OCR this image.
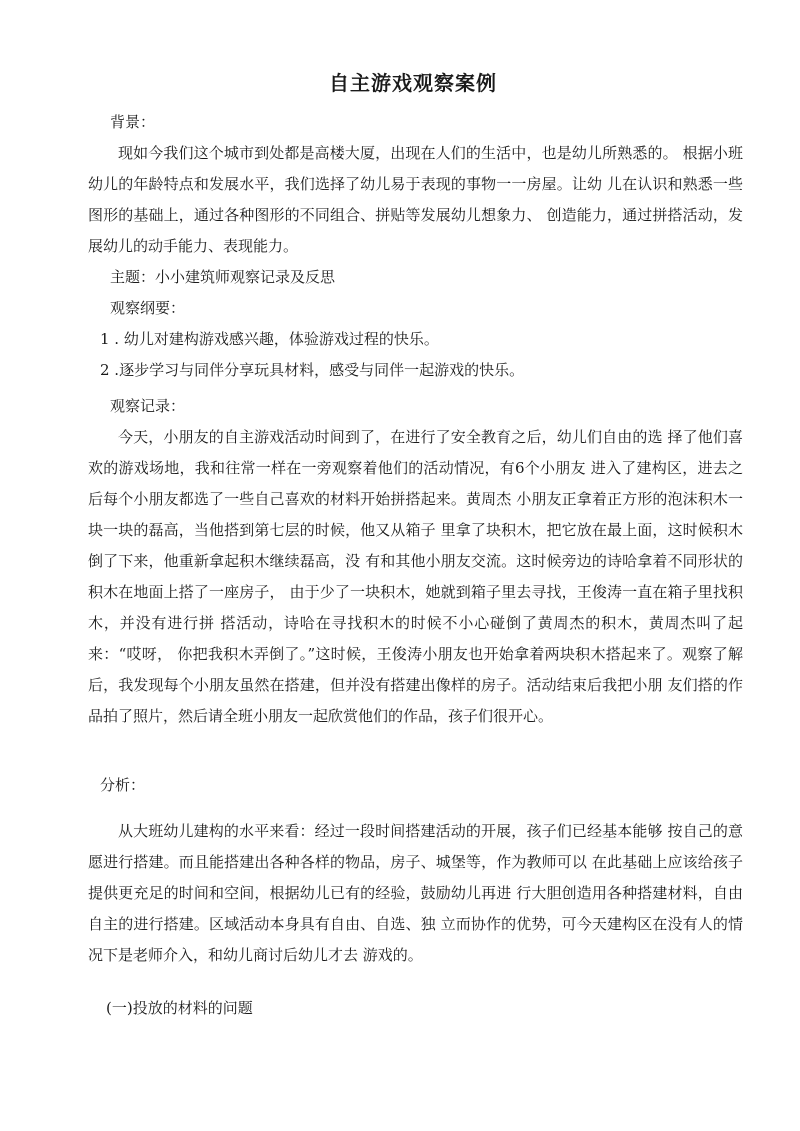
自主游戏观察案例
背景：

现如今我们这个城市到处都是高楼大厦，出现在人们的生活中，也是幼儿所熟悉的。 根据小班幼儿的年龄特点和发展水平，我们选择了幼儿易于表现的事物一一房屋。让幼 儿在认识和熟悉一些图形的基础上，通过各种图形的不同组合、拼贴等发展幼儿想象力、 创造能力，通过拼搭活动，发展幼儿的动手能力、表现能力。

主题：小小建筑师观察记录及反思
观察纲要：
1 . 幼儿对建构游戏感兴趣，体验游戏过程的快乐。
2 .逐步学习与同伴分享玩具材料，感受与同伴一起游戏的快乐。
观察记录：

今天，小朋友的自主游戏活动时间到了，在进行了安全教育之后，幼儿们自由的选 择了他们喜欢的游戏场地，我和往常一样在一旁观察着他们的活动情况，有6个小朋友 进入了建构区，进去之后每个小朋友都选了一些自己喜欢的材料开始拼搭起来。黄周杰 小朋友正拿着正方形的泡沫积木一块一块的磊高，当他搭到第七层的时候，他又从箱子 里拿了块积木，把它放在最上面，这时候积木倒了下来，他重新拿起积木继续磊高，没 有和其他小朋友交流。这时候旁边的诗哈拿着不同形状的积木在地面上搭了一座房子， 由于少了一块积木，她就到箱子里去寻找，王俊涛一直在箱子里找积木，并没有进行拼 搭活动，诗哈在寻找积木的时候不小心碰倒了黄周杰的积木，黄周杰叫了起来：“哎呀， 你把我积木弄倒了。”这时候，王俊涛小朋友也开始拿着两块积木搭起来了。观察了解 后，我发现每个小朋友虽然在搭建，但并没有搭建出像样的房子。活动结束后我把小朋 友们搭的作品拍了照片，然后请全班小朋友一起欣赏他们的作品，孩子们很开心。

分析：

从大班幼儿建构的水平来看：经过一段时间搭建活动的开展，孩子们已经基本能够 按自己的意愿进行搭建。而且能搭建出各种各样的物品，房子、城堡等，作为教师可以 在此基础上应该给孩子提供更充足的时间和空间，根据幼儿已有的经验，鼓励幼儿再进 行大胆创造用各种搭建材料，自由自主的进行搭建。区域活动本身具有自由、自选、独 立而协作的优势，可今天建构区在没有人的情况下是老师介入，和幼儿商讨后幼儿才去 游戏的。

(一)投放的材料的问题
